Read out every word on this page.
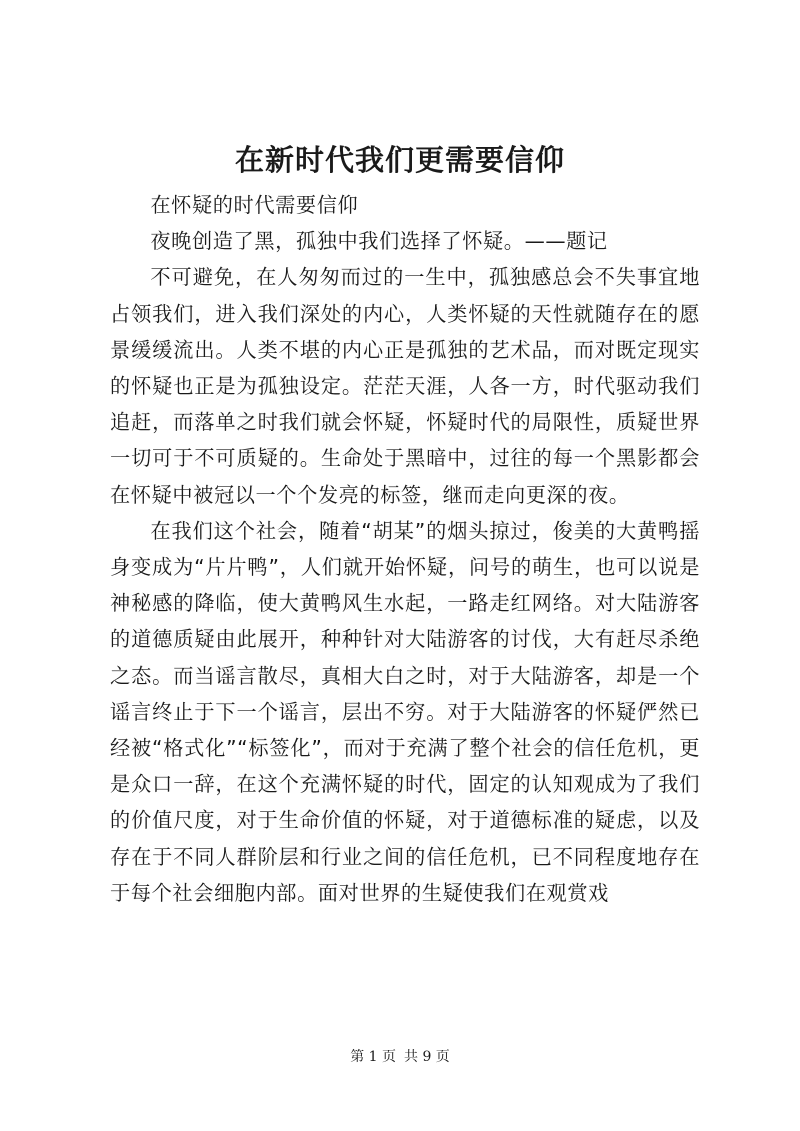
在新时代我们更需要信仰

在怀疑的时代需要信仰

夜晚创造了黑，孤独中我们选择了怀疑。——题记

不可避免，在人匆匆而过的一生中，孤独感总会不失事宜地占领我们，进入我们深处的内心，人类怀疑的天性就随存在的愿景缓缓流出。人类不堪的内心正是孤独的艺术品，而对既定现实的怀疑也正是为孤独设定。茫茫天涯，人各一方，时代驱动我们追赶，而落单之时我们就会怀疑，怀疑时代的局限性，质疑世界一切可于不可质疑的。生命处于黑暗中，过往的每一个黑影都会在怀疑中被冠以一个个发亮的标签，继而走向更深的夜。

在我们这个社会，随着“胡某”的烟头掠过，俊美的大黄鸭摇身变成为“片片鸭”，人们就开始怀疑，问号的萌生，也可以说是神秘感的降临，使大黄鸭风生水起，一路走红网络。对大陆游客的道德质疑由此展开，种种针对大陆游客的讨伐，大有赶尽杀绝之态。而当谣言散尽，真相大白之时，对于大陆游客，却是一个谣言终止于下一个谣言，层出不穷。对于大陆游客的怀疑俨然已经被“格式化”“标签化”，而对于充满了整个社会的信任危机，更是众口一辞，在这个充满怀疑的时代，固定的认知观成为了我们的价值尺度，对于生命价值的怀疑，对于道德标准的疑虑，以及存在于不同人群阶层和行业之间的信任危机，已不同程度地存在于每个社会细胞内部。面对世界的生疑使我们在观赏戏

第 1 页 共 9 页
